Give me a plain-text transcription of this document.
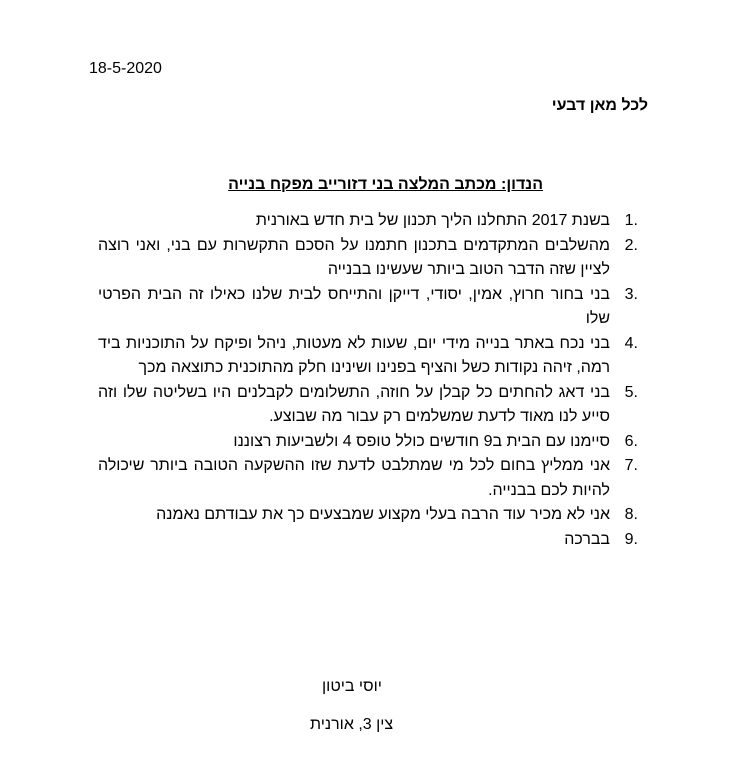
18-5-2020
לכל מאן דבעי
הנדון: מכתב המלצה בני דזורייב מפקח בנייה
1.
בשנת 2017 התחלנו הליך תכנון של בית חדש באורנית
2.
מהשלבים המתקדמים בתכנון חתמנו על הסכם התקשרות עם בני, ואני רוצה לציין שזה הדבר הטוב ביותר שעשינו בבנייה
3.
בני בחור חרוץ, אמין, יסודי, דייקן והתייחס לבית שלנו כאילו זה הבית הפרטי שלו
4.
בני נכח באתר בנייה מידי יום, שעות לא מעטות, ניהל ופיקח על התוכניות ביד רמה, זיהה נקודות כשל והציף בפנינו ושינינו חלק מהתוכנית כתוצאה מכך
5.
בני דאג להחתים כל קבלן על חוזה, התשלומים לקבלנים היו בשליטה שלו וזה סייע לנו מאוד לדעת שמשלמים רק עבור מה שבוצע.
6.
סיימנו עם הבית ב9 חודשים כולל טופס 4 ולשביעות רצוננו
7.
אני ממליץ בחום לכל מי שמתלבט לדעת שזו ההשקעה הטובה ביותר שיכולה להיות לכם בבנייה.
8.
אני לא מכיר עוד הרבה בעלי מקצוע שמבצעים כך את עבודתם נאמנה
9.
בברכה
יוסי ביטון
צין 3, אורנית
